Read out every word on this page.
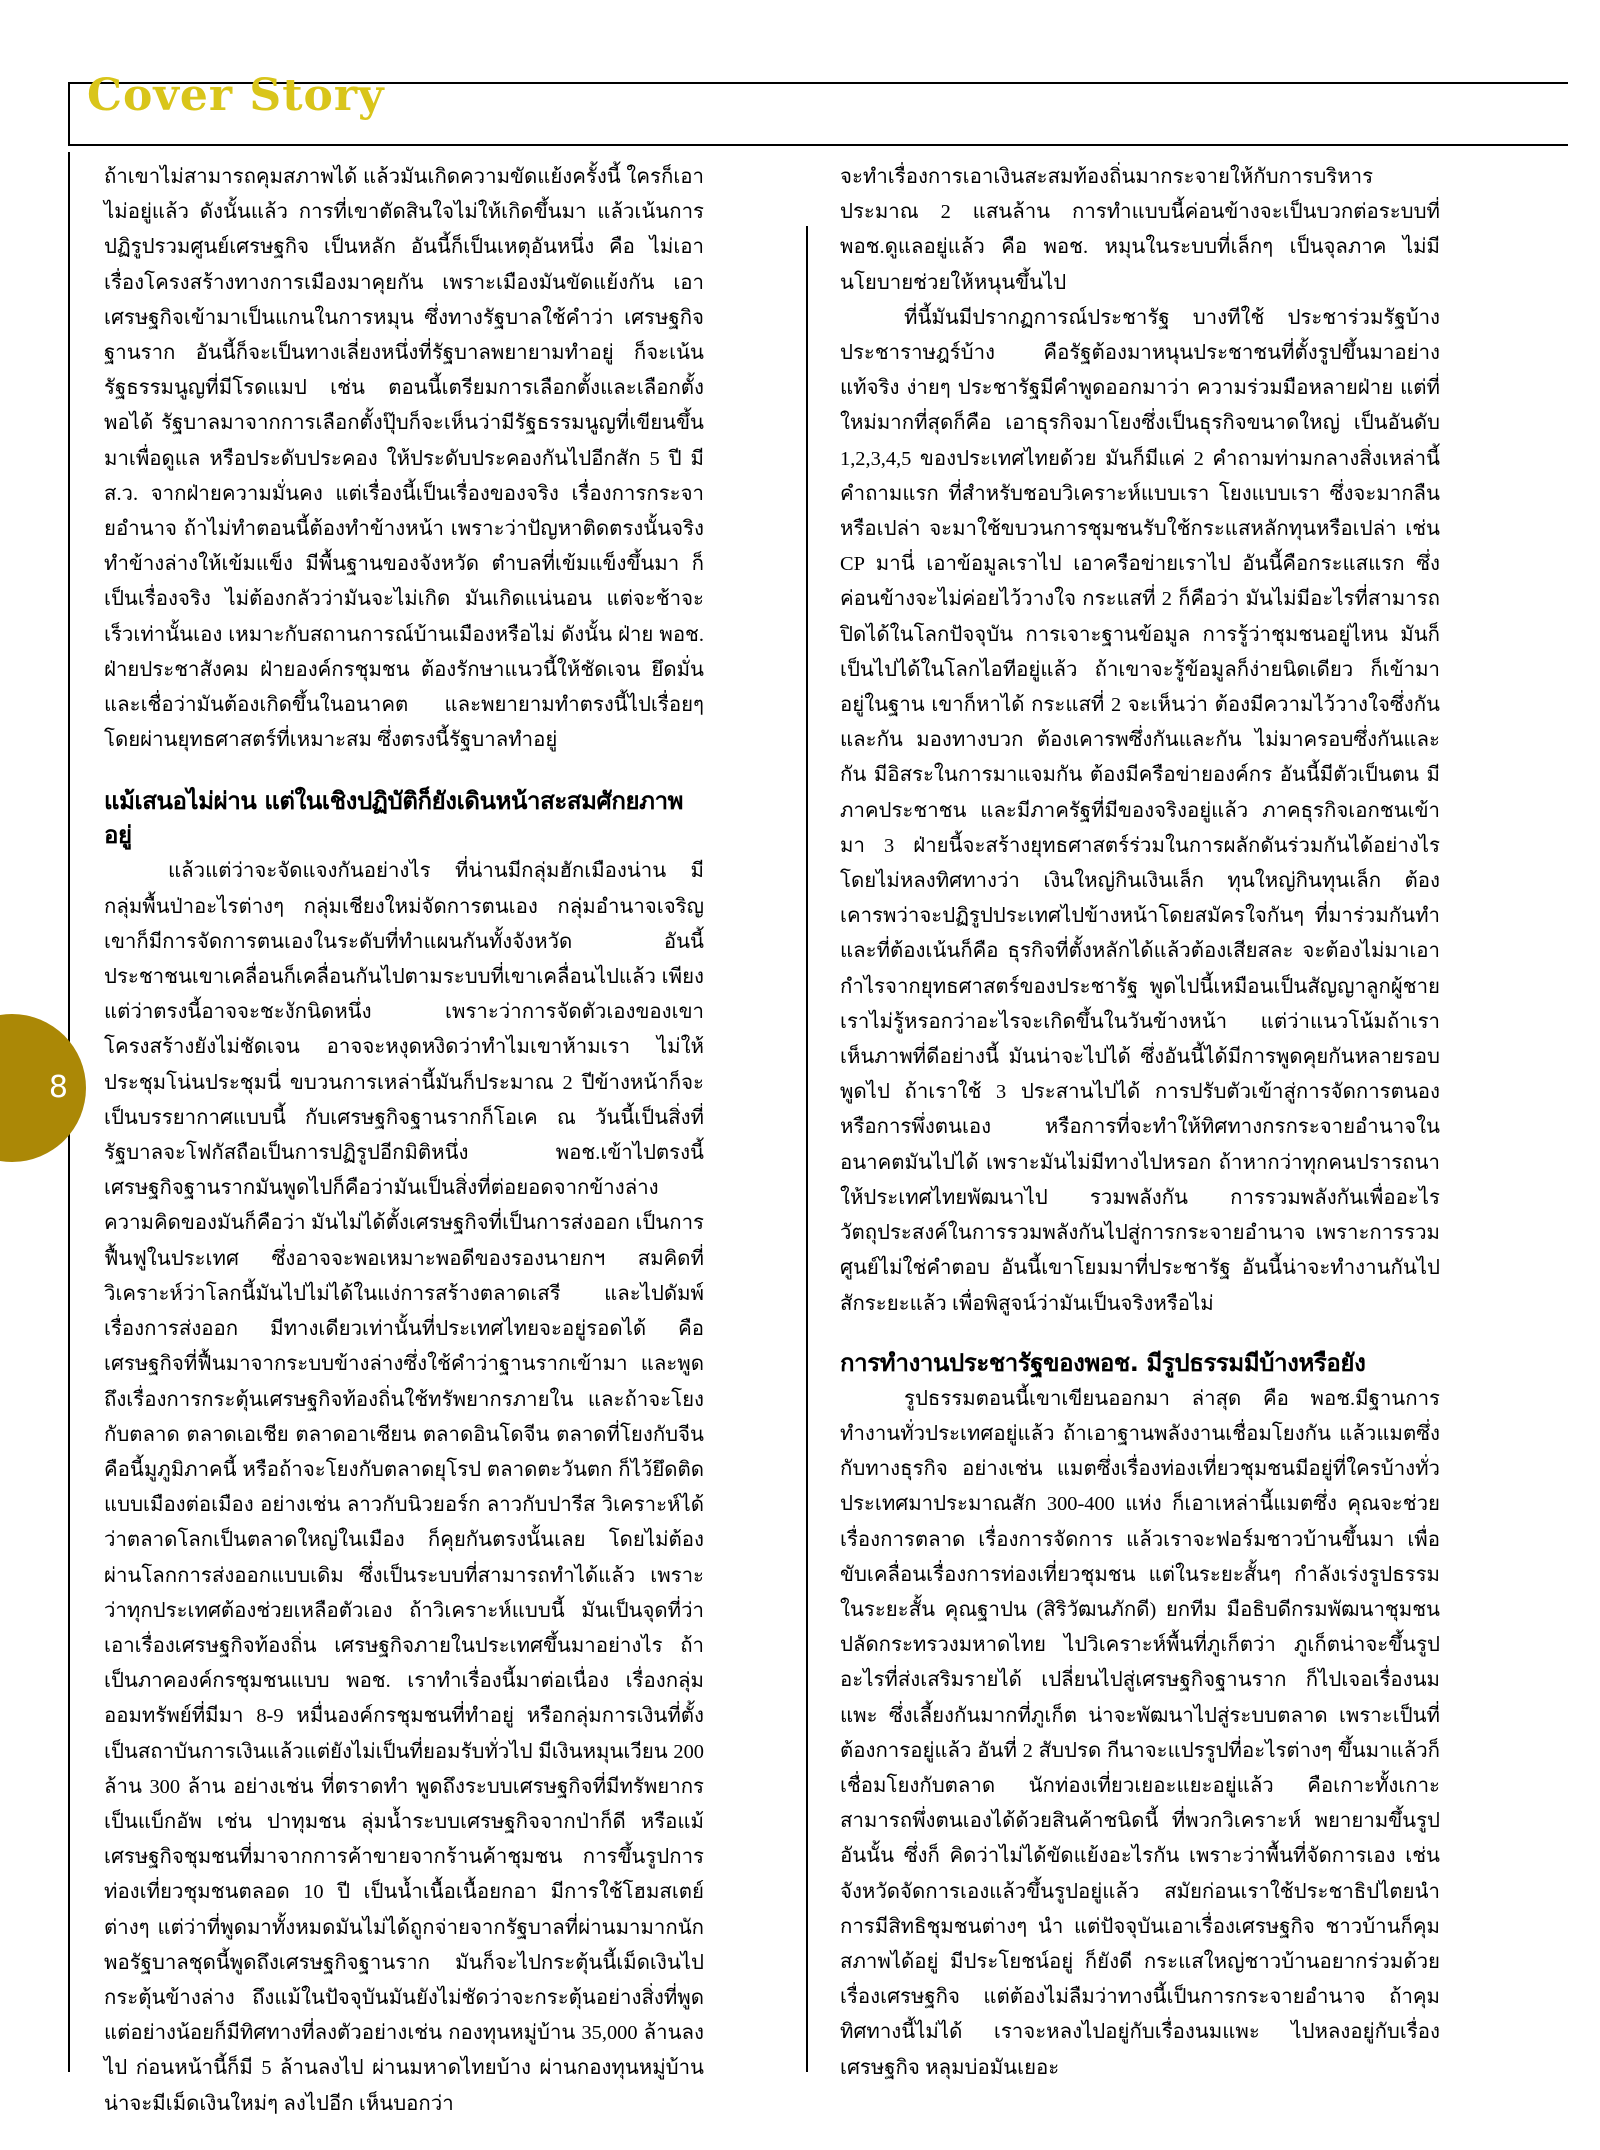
Cover Story
8

ถ้าเขาไม่สามารถคุมสภาพได้ แล้วมันเกิดความขัดแย้งครั้งนี้ ใครก็เอาไม่อยู่แล้ว ดังนั้นแล้ว การที่เขาตัดสินใจไม่ให้เกิดขึ้นมา แล้วเน้นการปฏิรูปรวมศูนย์เศรษฐกิจ เป็นหลัก อันนี้ก็เป็นเหตุอันหนึ่ง คือ ไม่เอาเรื่องโครงสร้างทางการเมืองมาคุยกัน เพราะเมืองมันขัดแย้งกัน เอาเศรษฐกิจเข้ามาเป็นแกนในการหมุน ซึ่งทางรัฐบาลใช้คำว่า เศรษฐกิจฐานราก อันนี้ก็จะเป็นทางเลี่ยงหนึ่งที่รัฐบาลพยายามทำอยู่ ก็จะเน้นรัฐธรรมนูญที่มีโรดแมป เช่น ตอนนี้เตรียมการเลือกตั้งและเลือกตั้ง พอได้ รัฐบาลมาจากการเลือกตั้งปุ๊บก็จะเห็นว่ามีรัฐธรรมนูญที่เขียนขึ้นมาเพื่อดูแล หรือประดับประคอง ให้ประดับประคองกันไปอีกสัก 5 ปี มี ส.ว. จากฝ่ายความมั่นคง แต่เรื่องนี้เป็นเรื่องของจริง เรื่องการกระจายอำนาจ ถ้าไม่ทำตอนนี้ต้องทำข้างหน้า เพราะว่าปัญหาติดตรงนั้นจริง ทำข้างล่างให้เข้มแข็ง มีพื้นฐานของจังหวัด ตำบลที่เข้มแข็งขึ้นมา ก็เป็นเรื่องจริง ไม่ต้องกลัวว่ามันจะไม่เกิด มันเกิดแน่นอน แต่จะช้าจะเร็วเท่านั้นเอง เหมาะกับสถานการณ์บ้านเมืองหรือไม่ ดังนั้น ฝ่าย พอช. ฝ่ายประชาสังคม ฝ่ายองค์กรชุมชน ต้องรักษาแนวนี้ให้ชัดเจน ยึดมั่น และเชื่อว่ามันต้องเกิดขึ้นในอนาคต และพยายามทำตรงนี้ไปเรื่อยๆ โดยผ่านยุทธศาสตร์ที่เหมาะสม ซึ่งตรงนี้รัฐบาลทำอยู่

แม้เสนอไม่ผ่าน แต่ในเชิงปฏิบัติก็ยังเดินหน้าสะสมศักยภาพอยู่

แล้วแต่ว่าจะจัดแจงกันอย่างไร ที่น่านมีกลุ่มฮักเมืองน่าน มีกลุ่มพื้นป่าอะไรต่างๆ กลุ่มเชียงใหม่จัดการตนเอง กลุ่มอำนาจเจริญเขาก็มีการจัดการตนเองในระดับที่ทำแผนกันทั้งจังหวัด อันนี้ประชาชนเขาเคลื่อนก็เคลื่อนกันไปตามระบบที่เขาเคลื่อนไปแล้ว เพียงแต่ว่าตรงนี้อาจจะชะงักนิดหนึ่ง เพราะว่าการจัดตัวเองของเขา โครงสร้างยังไม่ชัดเจน อาจจะหงุดหงิดว่าทำไมเขาห้ามเรา ไม่ให้ประชุมโน่นประชุมนี่ ขบวนการเหล่านี้มันก็ประมาณ 2 ปีข้างหน้าก็จะเป็นบรรยากาศแบบนี้ กับเศรษฐกิจฐานรากก็โอเค ณ วันนี้เป็นสิ่งที่รัฐบาลจะโฟกัสถือเป็นการปฏิรูปอีกมิติหนึ่ง พอช.เข้าไปตรงนี้ เศรษฐกิจฐานรากมันพูดไปก็คือว่ามันเป็นสิ่งที่ต่อยอดจากข้างล่าง ความคิดของมันก็คือว่า มันไม่ได้ตั้งเศรษฐกิจที่เป็นการส่งออก เป็นการฟื้นฟูในประเทศ ซึ่งอาจจะพอเหมาะพอดีของรองนายกฯ สมคิดที่วิเคราะห์ว่าโลกนี้มันไปไม่ได้ในแง่การสร้างตลาดเสรี และไปดัมพ์เรื่องการส่งออก มีทางเดียวเท่านั้นที่ประเทศไทยจะอยู่รอดได้ คือเศรษฐกิจที่ฟื้นมาจากระบบข้างล่างซึ่งใช้คำว่าฐานรากเข้ามา และพูดถึงเรื่องการกระตุ้นเศรษฐกิจท้องถิ่นใช้ทรัพยากรภายใน และถ้าจะโยงกับตลาด ตลาดเอเชีย ตลาดอาเซียน ตลาดอินโดจีน ตลาดที่โยงกับจีน คือนี้มูภูมิภาคนี้ หรือถ้าจะโยงกับตลาดยุโรป ตลาดตะวันตก ก็ไว้ยึดติดแบบเมืองต่อเมือง อย่างเช่น ลาวกับนิวยอร์ก ลาวกับปารีส วิเคราะห์ได้ว่าตลาดโลกเป็นตลาดใหญ่ในเมือง ก็คุยกันตรงนั้นเลย โดยไม่ต้องผ่านโลกการส่งออกแบบเดิม ซึ่งเป็นระบบที่สามารถทำได้แล้ว เพราะว่าทุกประเทศต้องช่วยเหลือตัวเอง ถ้าวิเคราะห์แบบนี้ มันเป็นจุดที่ว่าเอาเรื่องเศรษฐกิจท้องถิ่น เศรษฐกิจภายในประเทศขึ้นมาอย่างไร ถ้าเป็นภาคองค์กรชุมชนแบบ พอช. เราทำเรื่องนี้มาต่อเนื่อง เรื่องกลุ่มออมทรัพย์ที่มีมา 8-9 หมื่นองค์กรชุมชนที่ทำอยู่ หรือกลุ่มการเงินที่ตั้งเป็นสถาบันการเงินแล้วแต่ยังไม่เป็นที่ยอมรับทั่วไป มีเงินหมุนเวียน 200 ล้าน 300 ล้าน อย่างเช่น ที่ตราดทำ พูดถึงระบบเศรษฐกิจที่มีทรัพยากรเป็นแบ็กอัพ เช่น ปาทุมชน ลุ่มน้ำระบบเศรษฐกิจจากป่าก็ดี หรือแม้เศรษฐกิจชุมชนที่มาจากการค้าขายจากร้านค้าชุมชน การขึ้นรูปการท่องเที่ยวชุมชนตลอด 10 ปี เป็นน้ำเนื้อเนื้อยกอา มีการใช้โฮมสเตย์ต่างๆ แต่ว่าที่พูดมาทั้งหมดมันไม่ได้ถูกจ่ายจากรัฐบาลที่ผ่านมามากนัก พอรัฐบาลชุดนี้พูดถึงเศรษฐกิจฐานราก มันก็จะไปกระตุ้นนี้เม็ดเงินไปกระตุ้นข้างล่าง ถึงแม้ในปัจจุบันมันยังไม่ชัดว่าจะกระตุ้นอย่างสิ่งที่พูด แต่อย่างน้อยก็มีทิศทางที่ลงตัวอย่างเช่น กองทุนหมู่บ้าน 35,000 ล้านลงไป ก่อนหน้านี้ก็มี 5 ล้านลงไป ผ่านมหาดไทยบ้าง ผ่านกองทุนหมู่บ้าน น่าจะมีเม็ดเงินใหม่ๆ ลงไปอีก เห็นบอกว่า

จะทำเรื่องการเอาเงินสะสมท้องถิ่นมากระจายให้กับการบริหารประมาณ 2 แสนล้าน การทำแบบนี้ค่อนข้างจะเป็นบวกต่อระบบที่ พอช.ดูแลอยู่แล้ว คือ พอช. หมุนในระบบที่เล็กๆ เป็นจุลภาค ไม่มีนโยบายช่วยให้หนุนขึ้นไป

ที่นี้มันมีปรากฏการณ์ประชารัฐ บางทีใช้ ประชาร่วมรัฐบ้าง ประชาราษฎร์บ้าง คือรัฐต้องมาหนุนประชาชนที่ตั้งรูปขึ้นมาอย่างแท้จริง ง่ายๆ ประชารัฐมีคำพูดออกมาว่า ความร่วมมือหลายฝ่าย แต่ที่ใหม่มากที่สุดก็คือ เอาธุรกิจมาโยงซึ่งเป็นธุรกิจขนาดใหญ่ เป็นอันดับ 1,2,3,4,5 ของประเทศไทยด้วย มันก็มีแค่ 2 คำถามท่ามกลางสิ่งเหล่านี้ คำถามแรก ที่สำหรับชอบวิเคราะห์แบบเรา โยงแบบเรา ซึ่งจะมากลืนหรือเปล่า จะมาใช้ขบวนการชุมชนรับใช้กระแสหลักทุนหรือเปล่า เช่น CP มานี่ เอาข้อมูลเราไป เอาครือข่ายเราไป อันนี้คือกระแสแรก ซึ่งค่อนข้างจะไม่ค่อยไว้วางใจ กระแสที่ 2 ก็คือว่า มันไม่มีอะไรที่สามารถปิดได้ในโลกปัจจุบัน การเจาะฐานข้อมูล การรู้ว่าชุมชนอยู่ไหน มันก็เป็นไปได้ในโลกไอทีอยู่แล้ว ถ้าเขาจะรู้ข้อมูลก็ง่ายนิดเดียว ก็เข้ามาอยู่ในฐาน เขาก็หาได้ กระแสที่ 2 จะเห็นว่า ต้องมีความไว้วางใจซึ่งกันและกัน มองทางบวก ต้องเคารพซึ่งกันและกัน ไม่มาครอบซึ่งกันและกัน มีอิสระในการมาแจมกัน ต้องมีครือข่ายองค์กร อันนี้มีตัวเป็นตน มีภาคประชาชน และมีภาครัฐที่มีของจริงอยู่แล้ว ภาคธุรกิจเอกชนเข้ามา 3 ฝ่ายนี้จะสร้างยุทธศาสตร์ร่วมในการผลักดันร่วมกันได้อย่างไรโดยไม่หลงทิศทางว่า เงินใหญ่กินเงินเล็ก ทุนใหญ่กินทุนเล็ก ต้องเคารพว่าจะปฏิรูปประเทศไปข้างหน้าโดยสมัครใจกันๆ ที่มาร่วมกันทำ และที่ต้องเน้นก็คือ ธุรกิจที่ตั้งหลักได้แล้วต้องเสียสละ จะต้องไม่มาเอากำไรจากยุทธศาสตร์ของประชารัฐ พูดไปนี้เหมือนเป็นสัญญาลูกผู้ชาย เราไม่รู้หรอกว่าอะไรจะเกิดขึ้นในวันข้างหน้า แต่ว่าแนวโน้มถ้าเราเห็นภาพที่ดีอย่างนี้ มันน่าจะไปได้ ซึ่งอันนี้ได้มีการพูดคุยกันหลายรอบ พูดไป ถ้าเราใช้ 3 ประสานไปได้ การปรับตัวเข้าสู่การจัดการตนอง หรือการพึ่งตนเอง หรือการที่จะทำให้ทิศทางกรกระจายอำนาจในอนาคตมันไปได้ เพราะมันไม่มีทางไปหรอก ถ้าหากว่าทุกคนปรารถนาให้ประเทศไทยพัฒนาไป รวมพลังกัน การรวมพลังกันเพื่ออะไร วัตถุประสงค์ในการรวมพลังกันไปสู่การกระจายอำนาจ เพราะการรวมศูนย์ไม่ใช่คำตอบ อันนี้เขาโยมมาที่ประชารัฐ อันนี้น่าจะทำงานกันไปสักระยะแล้ว เพื่อพิสูจน์ว่ามันเป็นจริงหรือไม่

การทำงานประชารัฐของพอช. มีรูปธรรมมีบ้างหรือยัง

รูปธรรมตอนนี้เขาเขียนออกมา ล่าสุด คือ พอช.มีฐานการทำงานทั่วประเทศอยู่แล้ว ถ้าเอาฐานพลังงานเชื่อมโยงกัน แล้วแมตซึ่งกับทางธุรกิจ อย่างเช่น แมตซึ่งเรื่องท่องเที่ยวชุมชนมีอยู่ที่ใครบ้างทั่วประเทศมาประมาณสัก 300-400 แห่ง ก็เอาเหล่านี้แมตซึ่ง คุณจะช่วยเรื่องการตลาด เรื่องการจัดการ แล้วเราจะฟอร์มชาวบ้านขึ้นมา เพื่อขับเคลื่อนเรื่องการท่องเที่ยวชุมชน แต่ในระยะสั้นๆ กำลังเร่งรูปธรรมในระยะสั้น คุณฐาปน (สิริวัฒนภักดี) ยกทีม มือธิบดีกรมพัฒนาชุมชน ปลัดกระทรวงมหาดไทย ไปวิเคราะห์พื้นที่ภูเก็ตว่า ภูเก็ตน่าจะขึ้นรูปอะไรที่ส่งเสริมรายได้ เปลี่ยนไปสู่เศรษฐกิจฐานราก ก็ไปเจอเรื่องนมแพะ ซึ่งเลี้ยงกันมากที่ภูเก็ต น่าจะพัฒนาไปสู่ระบบตลาด เพราะเป็นที่ต้องการอยู่แล้ว อันที่ 2 สับปรด กีนาจะแปรรูปที่อะไรต่างๆ ขึ้นมาแล้วก็เชื่อมโยงกับตลาด นักท่องเที่ยวเยอะแยะอยู่แล้ว คือเกาะทั้งเกาะสามารถพึ่งตนเองได้ด้วยสินค้าชนิดนี้ ที่พวกวิเคราะห์ พยายามขึ้นรูปอันนั้น ซึ่งก็ คิดว่าไม่ได้ขัดแย้งอะไรกัน เพราะว่าพื้นที่จัดการเอง เช่น จังหวัดจัดการเองแล้วขึ้นรูปอยู่แล้ว สมัยก่อนเราใช้ประชาธิปไตยนำ การมีสิทธิชุมชนต่างๆ นำ แต่ปัจจุบันเอาเรื่องเศรษฐกิจ ชาวบ้านก็คุมสภาพได้อยู่ มีประโยชน์อยู่ ก็ยังดี กระแสใหญ่ชาวบ้านอยากร่วมด้วยเรื่องเศรษฐกิจ แต่ต้องไม่ลืมว่าทางนี้เป็นการกระจายอำนาจ ถ้าคุมทิศทางนี้ไม่ได้ เราจะหลงไปอยู่กับเรื่องนมแพะ ไปหลงอยู่กับเรื่องเศรษฐกิจ หลุมบ่อมันเยอะ
